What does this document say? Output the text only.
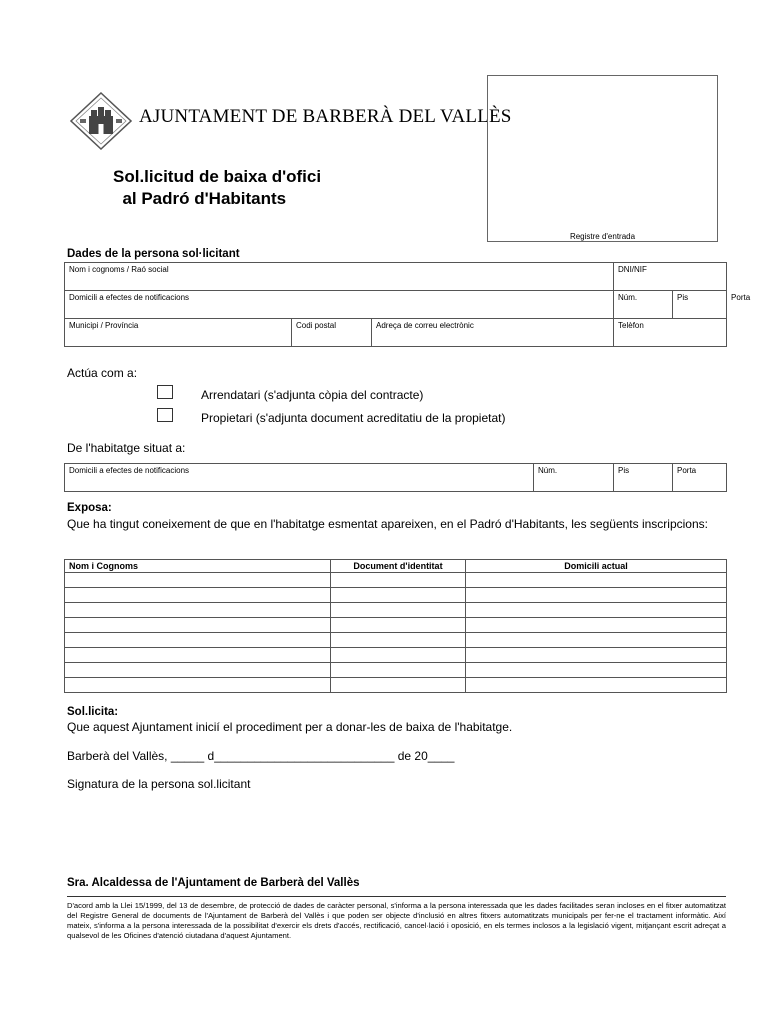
AJUNTAMENT DE BARBERÀ DEL VALLÈS
Sol.licitud de baixa d'ofici
al Padró d'Habitants
Registre d'entrada
Dades de la persona sol·licitant
Nom i cognoms / Raó social			DNI/NIF		
Domicili a efectes de notificacions			Núm.	Pis	Porta
Municipi / Província	Codi postal	Adreça de correu electrònic	Telèfon		
Actúa com a:
Arrendatari (s'adjunta còpia del contracte)
Propietari (s'adjunta document acreditatiu de la propietat)
De l'habitatge situat a:
Domicili a efectes de notificacions	Núm.	Pis	Porta
Exposa:
Que ha tingut coneixement de que en l'habitatge esmentat apareixen, en el Padró d'Habitants, les següents inscripcions:
Nom i Cognoms	Document d'identitat	Domicili actual

Sol.licita:
Que aquest Ajuntament inicií el procediment per a donar-les de baixa de l'habitatge.
Barberà del Vallès, _____ d___________________________ de 20____
Signatura de la persona sol.licitant
Sra. Alcaldessa de l'Ajuntament de Barberà del Vallès
D'acord amb la Llei 15/1999, del 13 de desembre, de protecció de dades de caràcter personal, s'informa a la persona interessada que les dades facilitades seran incloses en el fitxer automatitzat del Registre General de documents de l'Ajuntament de Barberà del Vallès i que poden ser objecte d'inclusió en altres fitxers automatitzats municipals per fer-ne el tractament informàtic. Així mateix, s'informa a la persona interessada de la possibilitat d'exercir els drets d'accés, rectificació, cancel·lació i oposició, en els termes inclosos a la legislació vigent, mitjançant escrit adreçat a qualsevol de les Oficines d'atenció ciutadana d'aquest Ajuntament.
